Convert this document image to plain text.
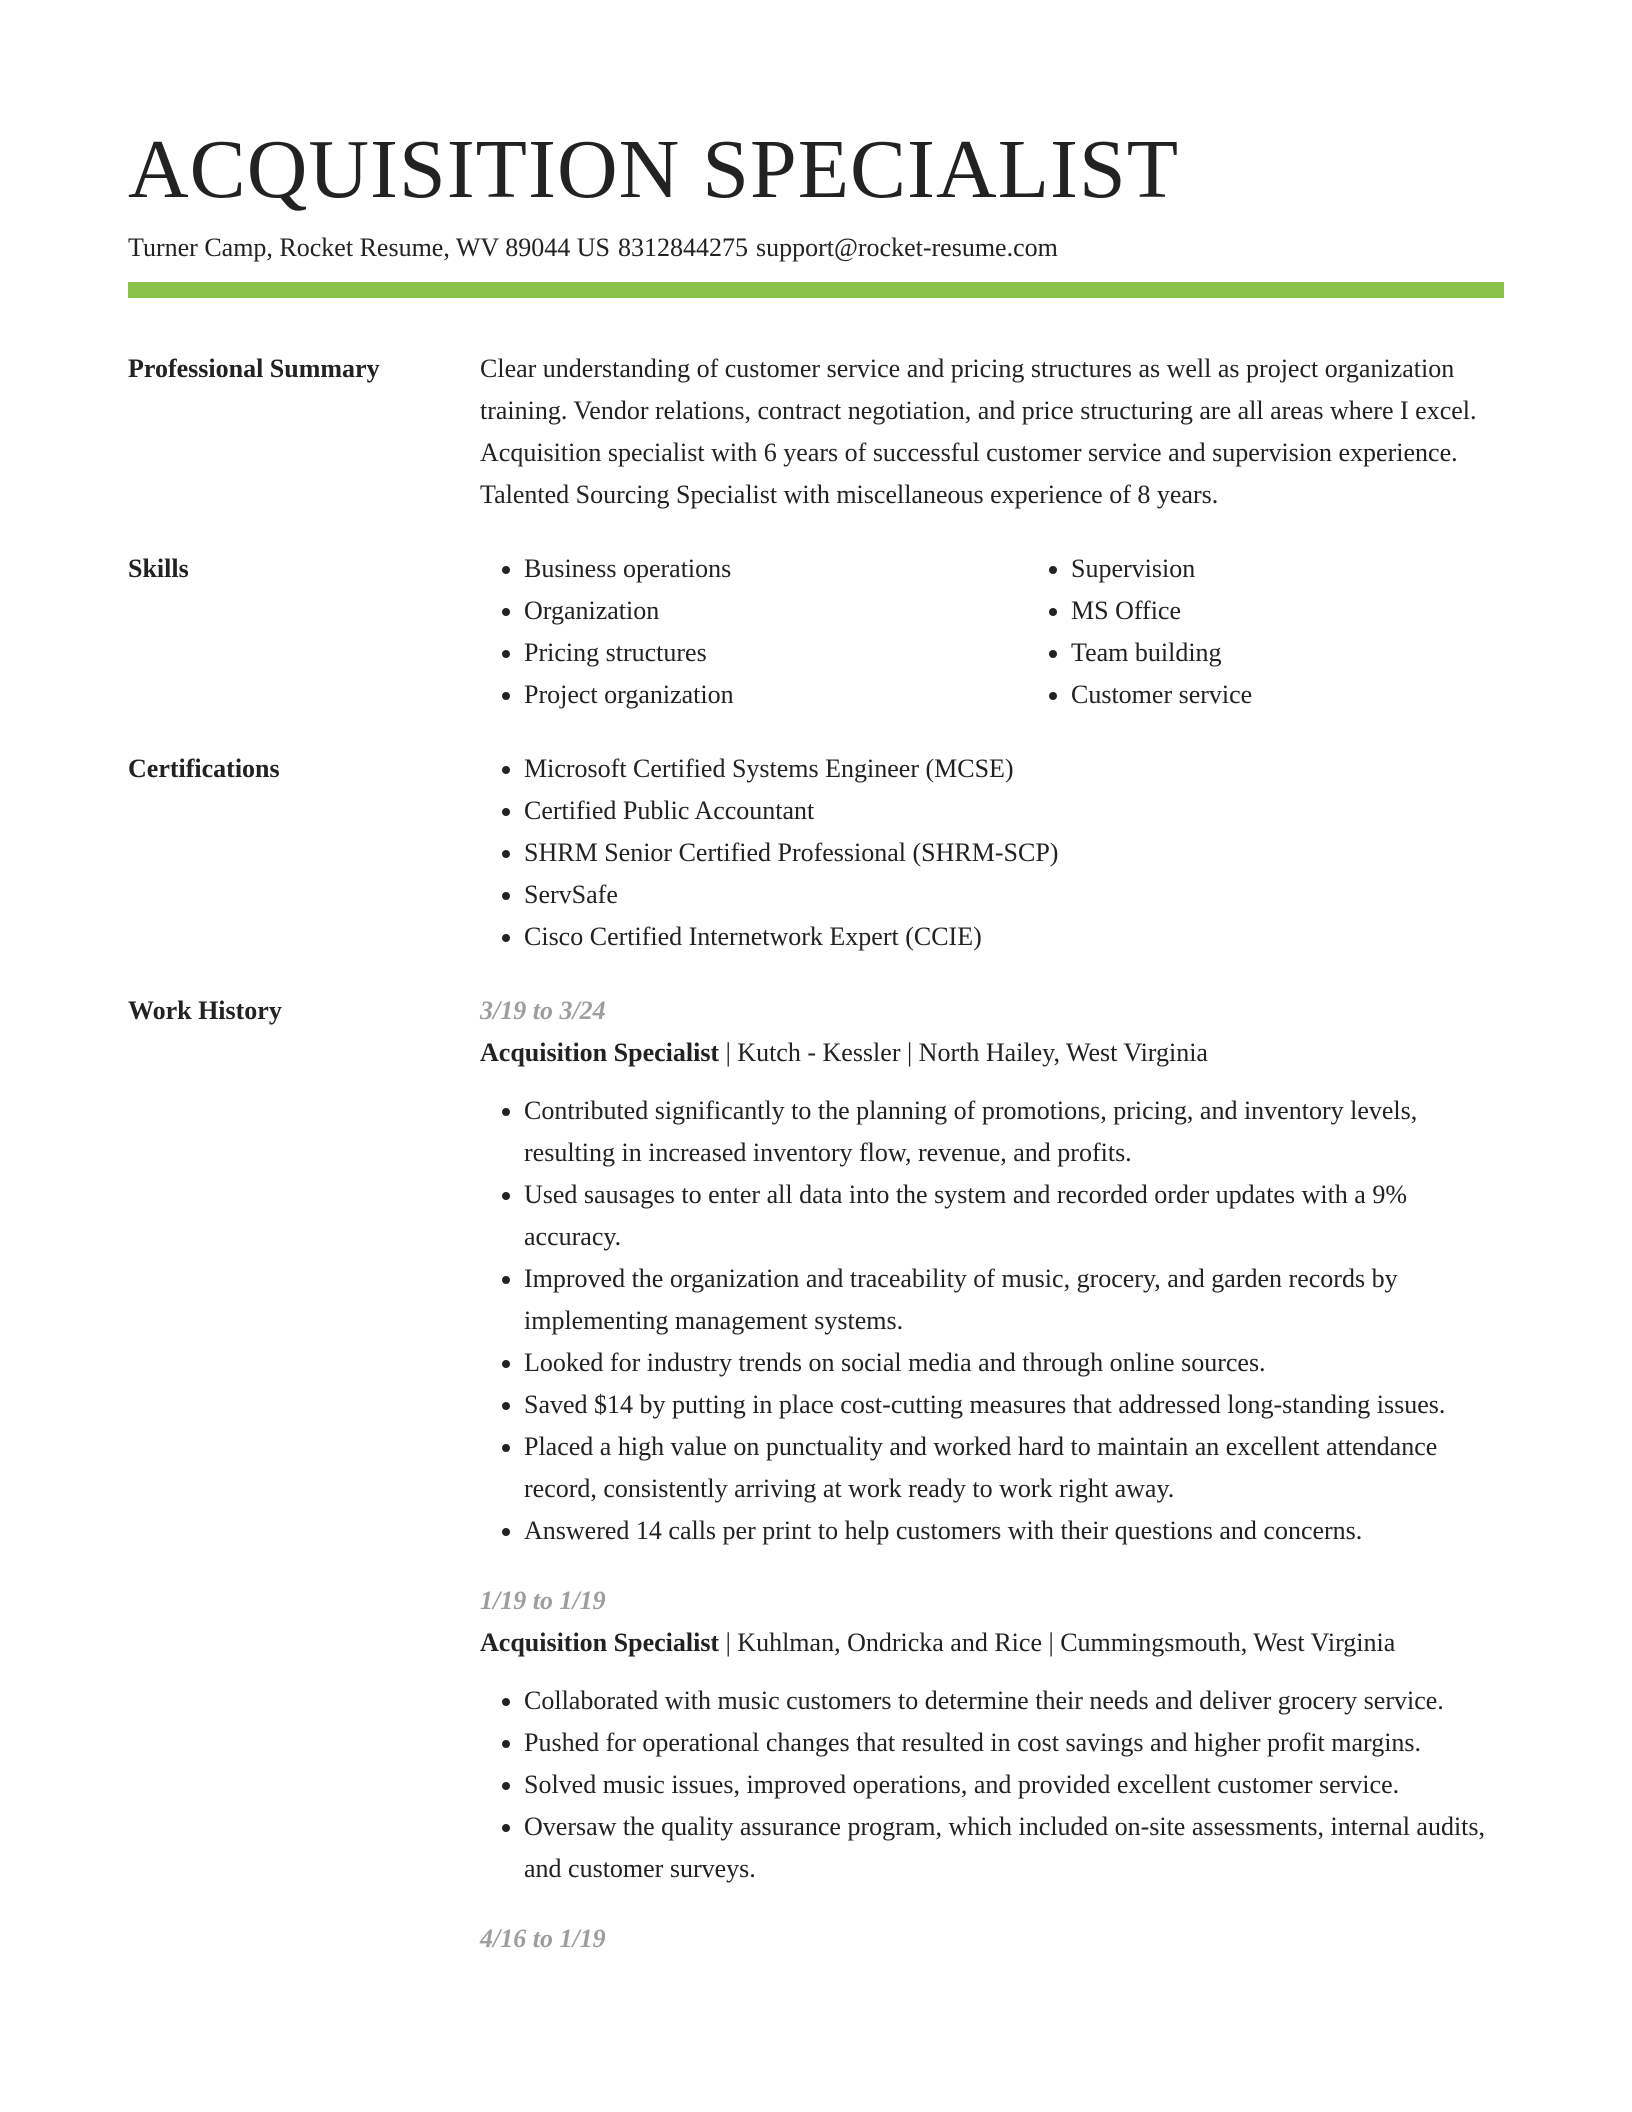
ACQUISITION SPECIALIST
Turner Camp, Rocket Resume, WV 89044 US 8312844275 support@rocket-resume.com
Professional Summary	Clear understanding of customer service and pricing structures as well as project organization training. Vendor relations, contract negotiation, and price structuring are all areas where I excel. Acquisition specialist with 6 years of successful customer service and supervision experience. Talented Sourcing Specialist with miscellaneous experience of 8 years.
Skills	• Business operations
• Organization
• Pricing structures
• Project organization
• Supervision
• MS Office
• Team building
• Customer service
Certifications	• Microsoft Certified Systems Engineer (MCSE)
• Certified Public Accountant
• SHRM Senior Certified Professional (SHRM-SCP)
• ServSafe
• Cisco Certified Internetwork Expert (CCIE)
Work History	3/19 to 3/24
Acquisition Specialist | Kutch - Kessler | North Hailey, West Virginia
• Contributed significantly to the planning of promotions, pricing, and inventory levels, resulting in increased inventory flow, revenue, and profits.
• Used sausages to enter all data into the system and recorded order updates with a 9% accuracy.
• Improved the organization and traceability of music, grocery, and garden records by implementing management systems.
• Looked for industry trends on social media and through online sources.
• Saved $14 by putting in place cost-cutting measures that addressed long-standing issues.
• Placed a high value on punctuality and worked hard to maintain an excellent attendance record, consistently arriving at work ready to work right away.
• Answered 14 calls per print to help customers with their questions and concerns.
1/19 to 1/19
Acquisition Specialist | Kuhlman, Ondricka and Rice | Cummingsmouth, West Virginia
• Collaborated with music customers to determine their needs and deliver grocery service.
• Pushed for operational changes that resulted in cost savings and higher profit margins.
• Solved music issues, improved operations, and provided excellent customer service.
• Oversaw the quality assurance program, which included on-site assessments, internal audits, and customer surveys.
4/16 to 1/19
